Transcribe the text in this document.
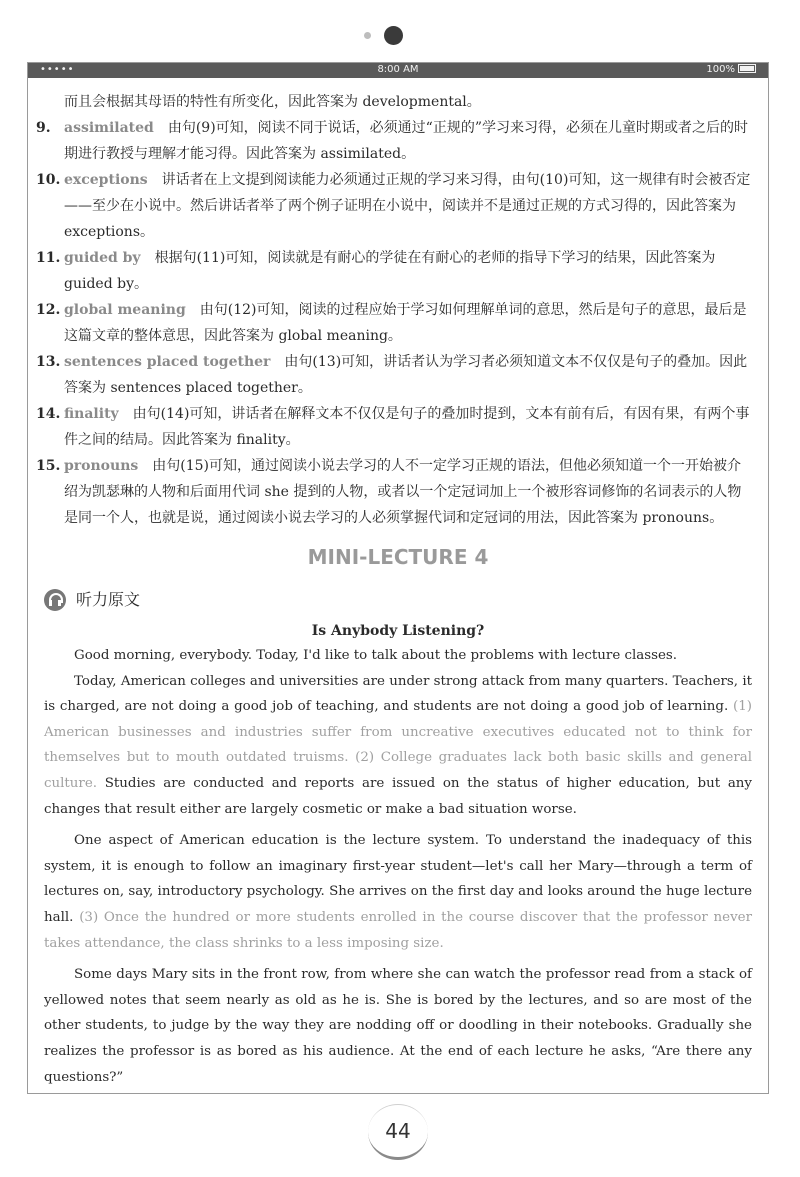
•••••	8:00 AM	100%
而且会根据其母语的特性有所变化，因此答案为 developmental。
9. assimilated 由句(9)可知，阅读不同于说话，必须通过“正规的”学习来习得，必须在儿童时期或者之后的时期进行教授与理解才能习得。因此答案为 assimilated。
10. exceptions 讲话者在上文提到阅读能力必须通过正规的学习来习得，由句(10)可知，这一规律有时会被否定——至少在小说中。然后讲话者举了两个例子证明在小说中，阅读并不是通过正规的方式习得的，因此答案为 exceptions。
11. guided by 根据句(11)可知，阅读就是有耐心的学徒在有耐心的老师的指导下学习的结果，因此答案为 guided by。
12. global meaning 由句(12)可知，阅读的过程应始于学习如何理解单词的意思，然后是句子的意思，最后是这篇文章的整体意思，因此答案为 global meaning。
13. sentences placed together 由句(13)可知，讲话者认为学习者必须知道文本不仅仅是句子的叠加。因此答案为 sentences placed together。
14. finality 由句(14)可知，讲话者在解释文本不仅仅是句子的叠加时提到，文本有前有后，有因有果，有两个事件之间的结局。因此答案为 finality。
15. pronouns 由句(15)可知，通过阅读小说去学习的人不一定学习正规的语法，但他必须知道一个一开始被介绍为凯瑟琳的人物和后面用代词 she 提到的人物，或者以一个定冠词加上一个被形容词修饰的名词表示的人物是同一个人，也就是说，通过阅读小说去学习的人必须掌握代词和定冠词的用法，因此答案为 pronouns。
MINI-LECTURE 4
听力原文
Is Anybody Listening?
Good morning, everybody. Today, I'd like to talk about the problems with lecture classes.
Today, American colleges and universities are under strong attack from many quarters. Teachers, it is charged, are not doing a good job of teaching, and students are not doing a good job of learning. (1) American businesses and industries suffer from uncreative executives educated not to think for themselves but to mouth outdated truisms. (2) College graduates lack both basic skills and general culture. Studies are conducted and reports are issued on the status of higher education, but any changes that result either are largely cosmetic or make a bad situation worse.
One aspect of American education is the lecture system. To understand the inadequacy of this system, it is enough to follow an imaginary first-year student—let's call her Mary—through a term of lectures on, say, introductory psychology. She arrives on the first day and looks around the huge lecture hall. (3) Once the hundred or more students enrolled in the course discover that the professor never takes attendance, the class shrinks to a less imposing size.
Some days Mary sits in the front row, from where she can watch the professor read from a stack of yellowed notes that seem nearly as old as he is. She is bored by the lectures, and so are most of the other students, to judge by the way they are nodding off or doodling in their notebooks. Gradually she realizes the professor is as bored as his audience. At the end of each lecture he asks, “Are there any questions?”
44
